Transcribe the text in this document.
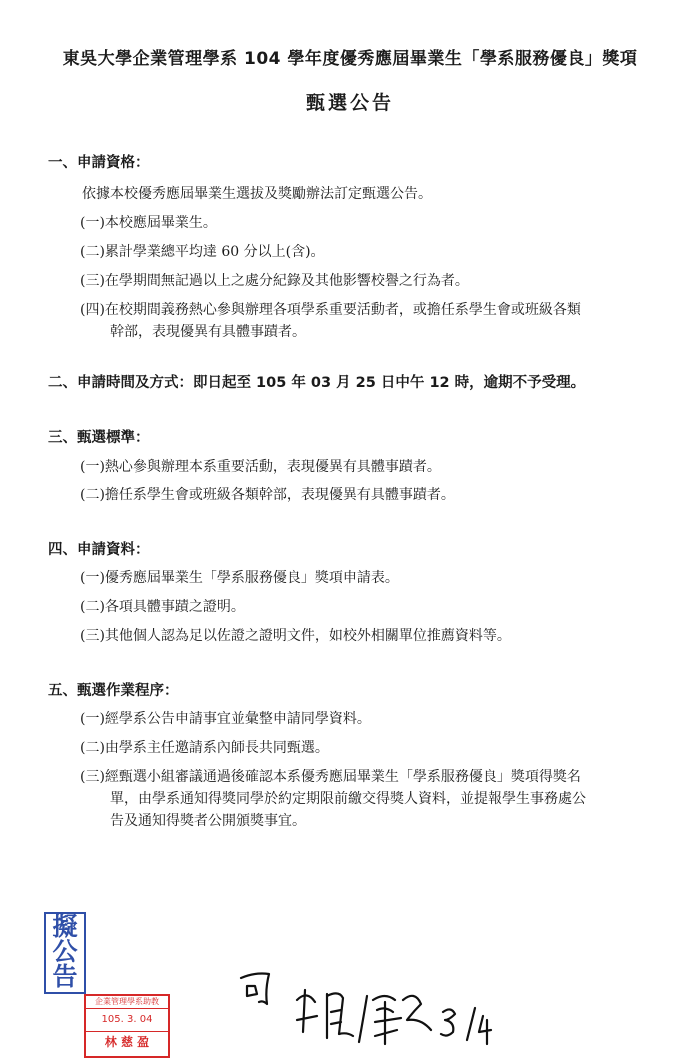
東吳大學企業管理學系 104 學年度優秀應屆畢業生「學系服務優良」獎項
甄選公告
一、申請資格：
依據本校優秀應屆畢業生選拔及獎勵辦法訂定甄選公告。
(一)本校應屆畢業生。
(二)累計學業總平均達 60 分以上(含)。
(三)在學期間無記過以上之處分紀錄及其他影響校譽之行為者。
(四)在校期間義務熱心參與辦理各項學系重要活動者，或擔任系學生會或班級各類
幹部，表現優異有具體事蹟者。
二、申請時間及方式：即日起至 105 年 03 月 25 日中午 12 時，逾期不予受理。
三、甄選標準：
(一)熱心參與辦理本系重要活動，表現優異有具體事蹟者。
(二)擔任系學生會或班級各類幹部，表現優異有具體事蹟者。
四、申請資料：
(一)優秀應屆畢業生「學系服務優良」獎項申請表。
(二)各項具體事蹟之證明。
(三)其他個人認為足以佐證之證明文件，如校外相關單位推薦資料等。
五、甄選作業程序：
(一)經學系公告申請事宜並彙整申請同學資料。
(二)由學系主任邀請系內師長共同甄選。
(三)經甄選小組審議通過後確認本系優秀應屆畢業生「學系服務優良」獎項得獎名
單，由學系通知得獎同學於約定期限前繳交得獎人資料，並提報學生事務處公
告及通知得獎者公開頒獎事宜。
擬
公
告
企業管理學系助教
105. 3. 04
林 慈 盈
